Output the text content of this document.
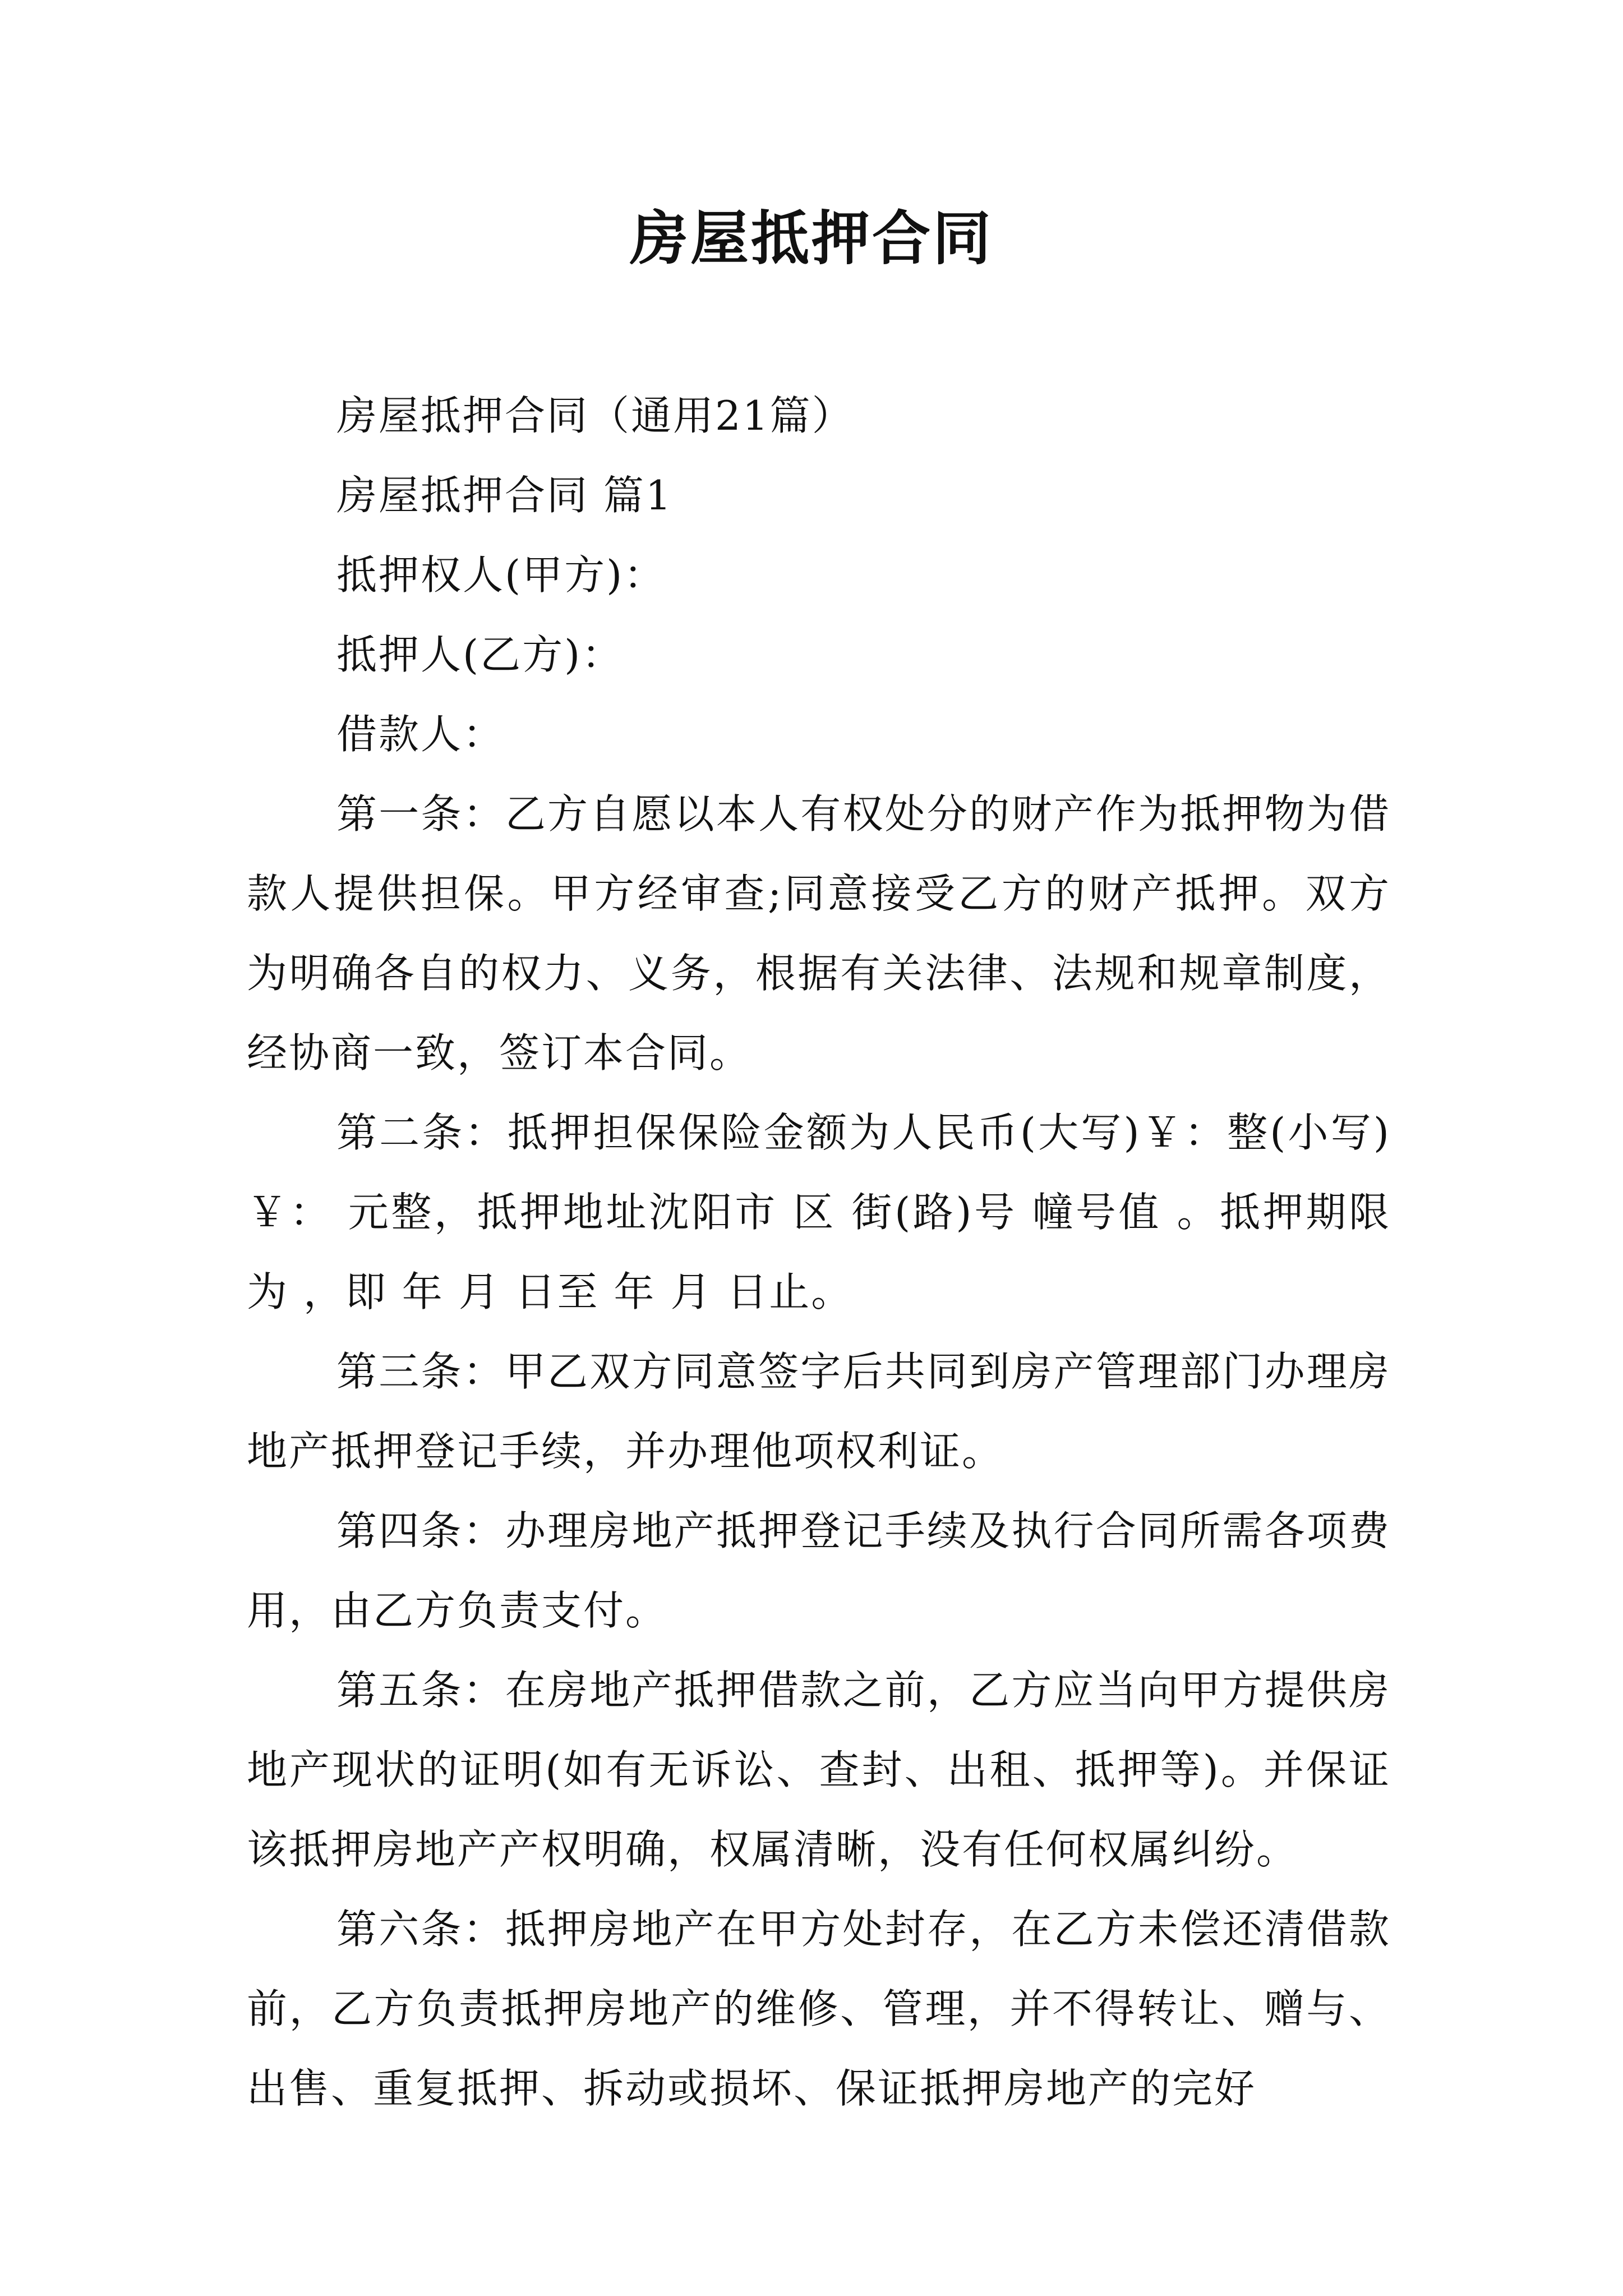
房屋抵押合同

房屋抵押合同（通用21篇）

房屋抵押合同 篇1

抵押权人(甲方)：

抵押人(乙方)：

借款人：

第一条：乙方自愿以本人有权处分的财产作为抵押物为借款人提供担保。甲方经审查;同意接受乙方的财产抵押。双方为明确各自的权力、义务，根据有关法律、法规和规章制度，经协商一致，签订本合同。

第二条：抵押担保保险金额为人民币(大写)￥：整(小写)￥： 元整，抵押地址沈阳市 区 街(路)号 幢号值 。抵押期限为 ，即 年 月 日至 年 月 日止。

第三条：甲乙双方同意签字后共同到房产管理部门办理房地产抵押登记手续，并办理他项权利证。

第四条：办理房地产抵押登记手续及执行合同所需各项费用，由乙方负责支付。

第五条：在房地产抵押借款之前，乙方应当向甲方提供房地产现状的证明(如有无诉讼、查封、出租、抵押等)。并保证该抵押房地产产权明确，权属清晰，没有任何权属纠纷。

第六条：抵押房地产在甲方处封存，在乙方未偿还清借款前，乙方负责抵押房地产的维修、管理，并不得转让、赠与、出售、重复抵押、拆动或损坏、保证抵押房地产的完好
